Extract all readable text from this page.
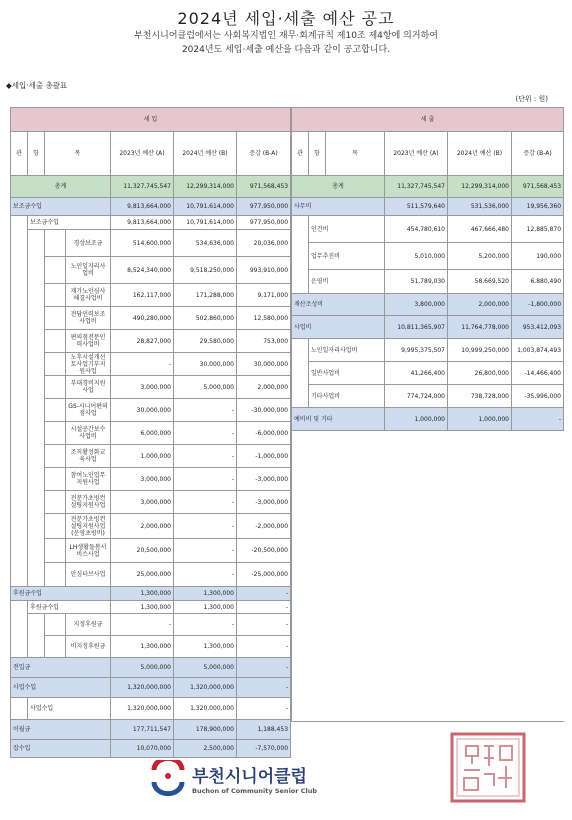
2024년 세입·세출 예산 공고
부천시니어클럽에서는 사회복지법인 재무·회계규칙 제10조 제4항에 의거하여
2024년도 세입·세출 예산을 다음과 같이 공고합니다.
◆세입·세출 총괄표
(단위 : 원)
세 입						
관	항	목		2023년 예산 (A)	2024년 예산 (B)	증감 (B-A)
총계				11,327,745,547	12,299,314,000	971,568,453
보조금수입				9,813,664,000	10,791,614,000	977,950,000
	보조금수입			9,813,664,000	10,791,614,000	977,950,000
			경상보조금	514,600,000	534,636,000	20,036,000
			노인일자리사업비	8,524,340,000	9,518,250,000	993,910,000
			재가노인심사해결사업비	162,117,000	171,288,000	9,171,000
			전담인력보조사업비	490,280,000	502,860,000	12,580,000
			편의점전문인력사업비	28,827,000	29,580,000	753,000
			노후시설개선 토사업기부지원사업	-	30,000,000	30,000,000
			부대경비지원사업	3,000,000	5,000,000	2,000,000
			GS-시니어편의점사업	30,000,000	-	-30,000,000
			시설공간보수사업비	6,000,000	-	-6,000,000
			조직활성화교육사업	1,000,000	-	-1,000,000
			참여노인업무지원사업	3,000,000	-	-3,000,000
			전문가초빙컨설팅지원사업	3,000,000	-	-3,000,000
			전문가초빙컨설팅지원사업(운영초빙비)	2,000,000	-	-2,000,000
			LH생활돌봄서비스사업	20,500,000	-	-20,500,000
			안심터브사업	25,000,000	-	-25,000,000
후원금수입				1,300,000	1,300,000	-
	후원금수입			1,300,000	1,300,000	-
			지정후원금	-	-	-
			비지정후원금	1,300,000	1,300,000	-
전입금				5,000,000	5,000,000	-
사업수입				1,320,000,000	1,320,000,000	-
	사업수입			1,320,000,000	1,320,000,000	-
이월금				177,711,547	178,900,000	1,188,453
잡수입				10,070,000	2,500,000	-7,570,000
세 출					
관	항	목	2023년 예산 (A)	2024년 예산 (B)	증감 (B-A)
총계			11,327,745,547	12,299,314,000	971,568,453
사무비			511,579,640	531,536,000	19,956,360
	인건비		454,780,610	467,666,480	12,885,870
	업무추진비		5,010,000	5,200,000	190,000
	운영비		51,789,030	58,669,520	6,880,490
재산조성비			3,800,000	2,000,000	-1,800,000
사업비			10,811,365,907	11,764,778,000	953,412,093
	노인일자리사업비		9,995,375,507	10,999,250,000	1,003,874,493
	일반사업비		41,266,400	26,800,000	-14,466,400
	기타사업비		774,724,000	738,728,000	-35,996,000
예비비 및 기타			1,000,000	1,000,000	-

부천시니어클럽
Buchon of Community Senior Club
